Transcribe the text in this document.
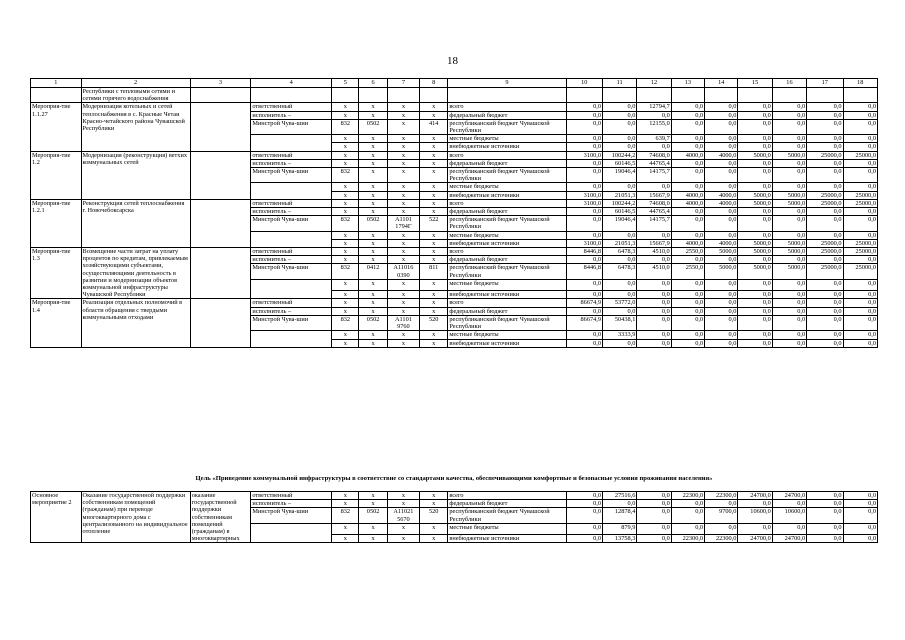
18
1	2	3	4	5	6	7	8	9	10	11	12	13	14	15	16	17	18
	Республики с тепловыми сетями и сетями горячего водоснабжения																
Мероприя-тие 1.1.27	Модернизация котельных и сетей теплоснабжения в с. Красные Четаи Красно-четайского района Чувашской Республики		ответственный	x	x	x	x	всего	0,0	0,0	12794,7	0,0	0,0	0,0	0,0	0,0	0,0
			исполнитель –	x	x	x	x	федеральный бюджет	0,0	0,0	0,0	0,0	0,0	0,0	0,0	0,0	0,0
			Минстрой Чува-шии	832	0502	x	414	республиканский бюджет Чувашской Республики	0,0	0,0	12155,0	0,0	0,0	0,0	0,0	0,0	0,0
				x	x	x	x	местные бюджеты	0,0	0,0	639,7	0,0	0,0	0,0	0,0	0,0	0,0
				x	x	x	x	внебюджетные источники	0,0	0,0	0,0	0,0	0,0	0,0	0,0	0,0	0,0
Мероприя-тие 1.2	Модернизация (реконструкция) ветхих коммунальных сетей		ответственный	x	x	x	x	всего	3100,0	100244,2	74608,0	4000,0	4000,0	5000,0	5000,0	25000,0	25000,0
			исполнитель –	x	x	x	x	федеральный бюджет	0,0	60146,5	44765,4	0,0	0,0	0,0	0,0	0,0	0,0
			Минстрой Чува-шии	832	x	x	x	республиканский бюджет Чувашской Республики	0,0	19046,4	14175,7	0,0	0,0	0,0	0,0	0,0	0,0
				x	x	x	x	местные бюджеты	0,0	0,0	0,0	0,0	0,0	0,0	0,0	0,0	0,0
				x	x	x	x	внебюджетные источники	3100,0	21051,3	15667,9	4000,0	4000,0	5000,0	5000,0	25000,0	25000,0
Мероприя-тие 1.2.1	Реконструкция сетей теплоснабжения г. Новочебоксарска		ответственный	x	x	x	x	всего	3100,0	100244,2	74608,0	4000,0	4000,0	5000,0	5000,0	25000,0	25000,0
			исполнитель –	x	x	x	x	федеральный бюджет	0,0	60146,5	44765,4	0,0	0,0	0,0	0,0	0,0	0,0
			Минстрой Чува-шии	832	0502	А1101 1794Г	522	республиканский бюджет Чувашской Республики	0,0	19046,4	14175,7	0,0	0,0	0,0	0,0	0,0	0,0
				x	x	x	x	местные бюджеты	0,0	0,0	0,0	0,0	0,0	0,0	0,0	0,0	0,0
				x	x	x	x	внебюджетные источники	3100,0	21051,3	15667,9	4000,0	4000,0	5000,0	5000,0	25000,0	25000,0
Мероприя-тие 1.3	Возмещение части затрат на уплату процентов по кредитам, привлекаемым хозяйствующими субъектами, осуществляющими деятельность в развитии и модернизации объектов коммунальной инфраструктуры Чувашской Республики		ответственный	x	x	x	x	всего	8446,8	6478,3	4510,0	2550,0	5000,0	5000,0	5000,0	25000,0	25000,0
			исполнитель –	x	x	x	x	федеральный бюджет	0,0	0,0	0,0	0,0	0,0	0,0	0,0	0,0	0,0
			Минстрой Чува-шии	832	0412	А11016 0390	811	республиканский бюджет Чувашской Республики	8446,8	6478,3	4510,0	2550,0	5000,0	5000,0	5000,0	25000,0	25000,0
				x	x	x	x	местные бюджеты	0,0	0,0	0,0	0,0	0,0	0,0	0,0	0,0	0,0
				x	x	x	x	внебюджетные источники	0,0	0,0	0,0	0,0	0,0	0,0	0,0	0,0	0,0
Мероприя-тие 1.4	Реализация отдельных полномочий в области обращения с твердыми коммунальными отходами		ответственный	x	x	x	x	всего	86674,9	53772,0	0,0	0,0	0,0	0,0	0,0	0,0	0,0
			исполнитель –	x	x	x	x	федеральный бюджет	0,0	0,0	0,0	0,0	0,0	0,0	0,0	0,0	0,0
			Минстрой Чува-шии	832	0502	А1101 9760	520	республиканский бюджет Чувашской Республики	86674,9	50438,1	0,0	0,0	0,0	0,0	0,0	0,0	0,0
				x	x	x	x	местные бюджеты	0,0	3333,9	0,0	0,0	0,0	0,0	0,0	0,0	0,0
				x	x	x	x	внебюджетные источники	0,0	0,0	0,0	0,0	0,0	0,0	0,0	0,0	0,0
Цель «Приведение коммунальной инфраструктуры в соответствие со стандартами качества, обеспечивающими комфортные и безопасные условия проживания населения»
Основное мероприятие 2	Оказание государственной поддержки собственникам помещений (гражданам) при переводе многоквартирного дома с централизованного на индивидуальное отопление	оказание государственной поддержки собственникам помещений (гражданам) в многоквартирных	ответственный	x	x	x	x	всего	0,0	27516,6	0,0	22300,0	22300,0	24700,0	24700,0	0,0	0,0
			исполнитель –	x	x	x	x	федеральный бюджет	0,0	0,0	0,0	0,0	0,0	0,0	0,0	0,0	0,0
			Минстрой Чува-шии	832	0502	А11021 5670	520	республиканский бюджет Чувашской Республики	0,0	12878,4	0,0	0,0	9700,0	10600,0	10600,0	0,0	0,0
				x	x	x	x	местные бюджеты	0,0	879,9	0,0	0,0	0,0	0,0	0,0	0,0	0,0
				x	x	x	x	внебюджетные источники	0,0	13758,3	0,0	22300,0	22300,0	24700,0	24700,0	0,0	0,0
